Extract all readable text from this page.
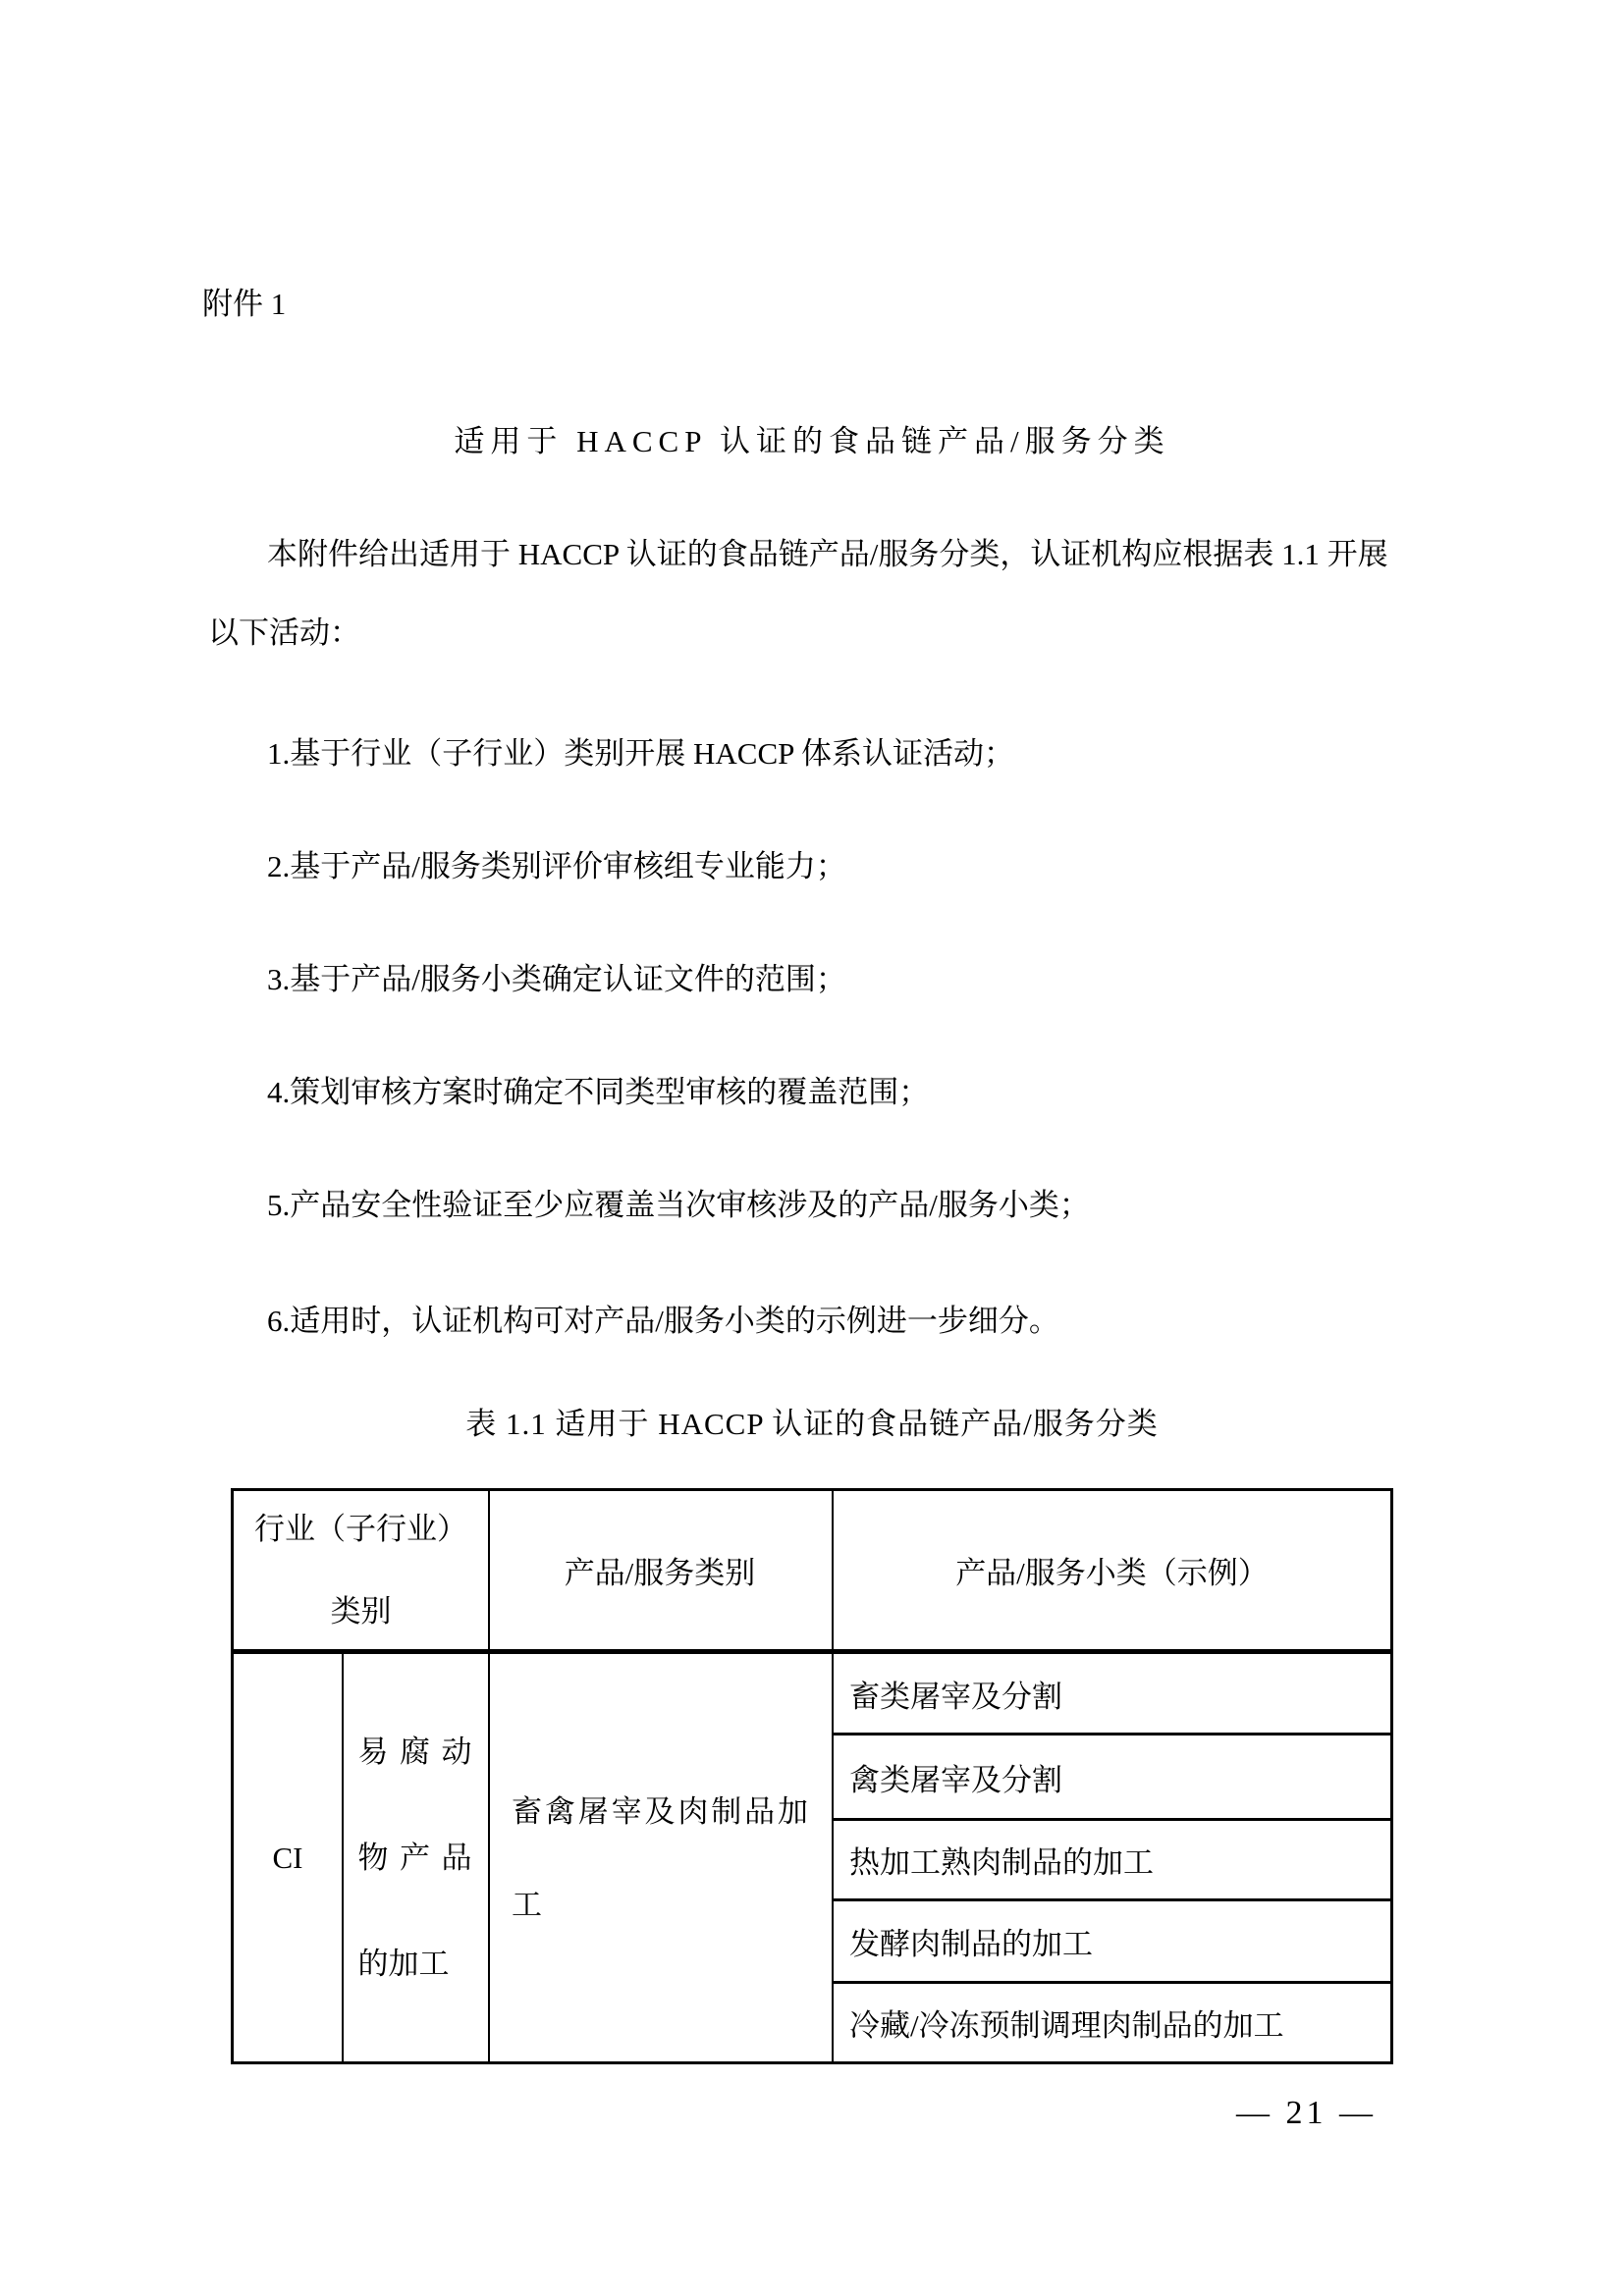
附件 1
适用于 HACCP 认证的食品链产品/服务分类
本附件给出适用于 HACCP 认证的食品链产品/服务分类，认证机构应根据表 1.1 开展
以下活动：
1.基于行业（子行业）类别开展 HACCP 体系认证活动；
2.基于产品/服务类别评价审核组专业能力；
3.基于产品/服务小类确定认证文件的范围；
4.策划审核方案时确定不同类型审核的覆盖范围；
5.产品安全性验证至少应覆盖当次审核涉及的产品/服务小类；
6.适用时，认证机构可对产品/服务小类的示例进一步细分。
表 1.1 适用于 HACCP 认证的食品链产品/服务分类
行业（子行业）
类别
产品/服务类别	产品/服务小类（示例）
CI
易腐动物产品的加工
畜禽屠宰及肉制品加工
畜类屠宰及分割
禽类屠宰及分割
热加工熟肉制品的加工
发酵肉制品的加工
冷藏/冷冻预制调理肉制品的加工
— 21 —
